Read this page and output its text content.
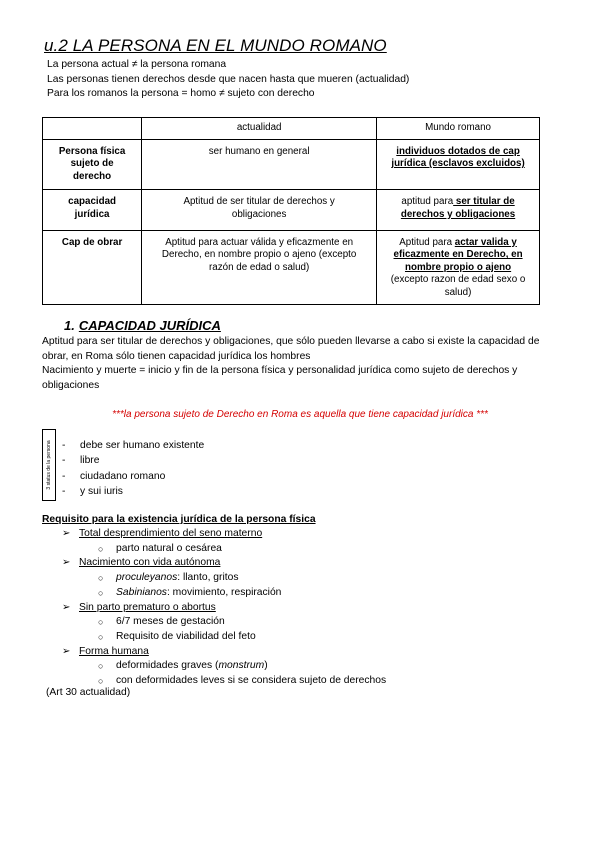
u.2 LA PERSONA EN EL MUNDO ROMANO
La persona actual ≠ la persona romana
Las personas tienen derechos desde que nacen hasta que mueren (actualidad)
Para los romanos la persona = homo ≠ sujeto con derecho
	actualidad	Mundo romano
Persona física sujeto de derecho	ser humano en general	individuos dotados de cap jurídica (esclavos excluidos)
capacidad jurídica	Aptitud de ser titular de derechos y obligaciones	aptitud para ser titular de derechos y obligaciones
Cap de obrar	Aptitud para actuar válida y eficazmente en Derecho, en nombre propio o ajeno (excepto razón de edad o salud)	Aptitud para actar valida y eficazmente en Derecho, en nombre propio o ajeno
(excepto razon de edad sexo o salud)
1. CAPACIDAD JURÍDICA
Aptitud para ser titular de derechos y obligaciones, que sólo pueden llevarse a cabo si existe la capacidad de obrar, en Roma sólo tienen capacidad jurídica los hombres
Nacimiento y muerte = inicio y fin de la persona física y personalidad jurídica como sujeto de derechos y obligaciones
***la persona sujeto de Derecho en Roma es aquella que tiene capacidad jurídica ***
3 status de la persona - debe ser humano existente
- libre
- ciudadano romano
- y sui iuris
Requisito para la existencia jurídica de la persona física
➢ Total desprendimiento del seno materno
○ parto natural o cesárea
➢ Nacimiento con vida autónoma
○ proculeyanos: llanto, gritos
○ Sabinianos: movimiento, respiración
➢ Sin parto prematuro o abortus
○ 6/7 meses de gestación
○ Requisito de viabilidad del feto
➢ Forma humana
○ deformidades graves (monstrum)
○ con deformidades leves si se considera sujeto de derechos
(Art 30 actualidad)
